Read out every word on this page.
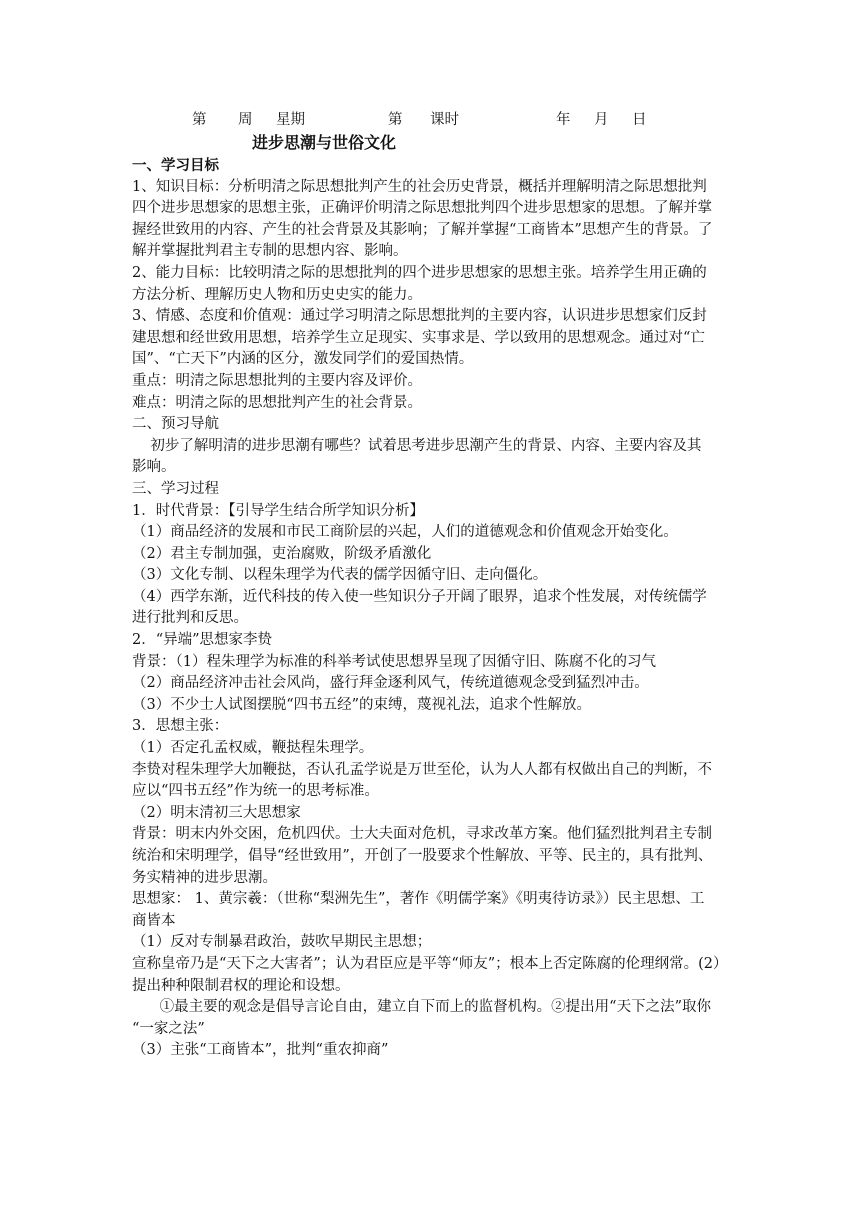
第 周 星期	第 课时	年 月 日
进步思潮与世俗文化
一、学习目标
1、知识目标：分析明清之际思想批判产生的社会历史背景，概括并理解明清之际思想批判
四个进步思想家的思想主张，正确评价明清之际思想批判四个进步思想家的思想。了解并掌
握经世致用的内容、产生的社会背景及其影响；了解并掌握“工商皆本”思想产生的背景。了
解并掌握批判君主专制的思想内容、影响。
2、能力目标：比较明清之际的思想批判的四个进步思想家的思想主张。培养学生用正确的
方法分析、理解历史人物和历史史实的能力。
3、情感、态度和价值观：通过学习明清之际思想批判的主要内容，认识进步思想家们反封
建思想和经世致用思想，培养学生立足现实、实事求是、学以致用的思想观念。通过对“亡
国”、“亡天下”内涵的区分，激发同学们的爱国热情。
重点：明清之际思想批判的主要内容及评价。
难点：明清之际的思想批判产生的社会背景。
二、预习导航
初步了解明清的进步思潮有哪些？试着思考进步思潮产生的背景、内容、主要内容及其
影响。
三、学习过程
1．时代背景：【引导学生结合所学知识分析】
（1）商品经济的发展和市民工商阶层的兴起，人们的道德观念和价值观念开始变化。
（2）君主专制加强，吏治腐败，阶级矛盾激化
（3）文化专制、以程朱理学为代表的儒学因循守旧、走向僵化。
（4）西学东渐，近代科技的传入使一些知识分子开阔了眼界，追求个性发展，对传统儒学
进行批判和反思。
2．“异端”思想家李贽
背景：（1）程朱理学为标准的科举考试使思想界呈现了因循守旧、陈腐不化的习气
（2）商品经济冲击社会风尚，盛行拜金逐利风气，传统道德观念受到猛烈冲击。
（3）不少士人试图摆脱“四书五经”的束缚，蔑视礼法，追求个性解放。
3．思想主张：
（1）否定孔孟权威，鞭挞程朱理学。
李贽对程朱理学大加鞭挞，否认孔孟学说是万世至伦，认为人人都有权做出自己的判断，不
应以“四书五经”作为统一的思考标准。
（2）明末清初三大思想家
背景：明末内外交困，危机四伏。士大夫面对危机，寻求改革方案。他们猛烈批判君主专制
统治和宋明理学，倡导“经世致用”，开创了一股要求个性解放、平等、民主的，具有批判、
务实精神的进步思潮。
思想家： 1、黄宗羲：（世称“梨洲先生”，著作《明儒学案》《明夷待访录》）民主思想、工
商皆本
（1）反对专制暴君政治，鼓吹早期民主思想；
宣称皇帝乃是“天下之大害者”；认为君臣应是平等“师友”；根本上否定陈腐的伦理纲常。(2）
提出种种限制君权的理论和设想。
①最主要的观念是倡导言论自由，建立自下而上的监督机构。②提出用“天下之法”取你
“一家之法”
（3）主张“工商皆本”，批判“重农抑商”
